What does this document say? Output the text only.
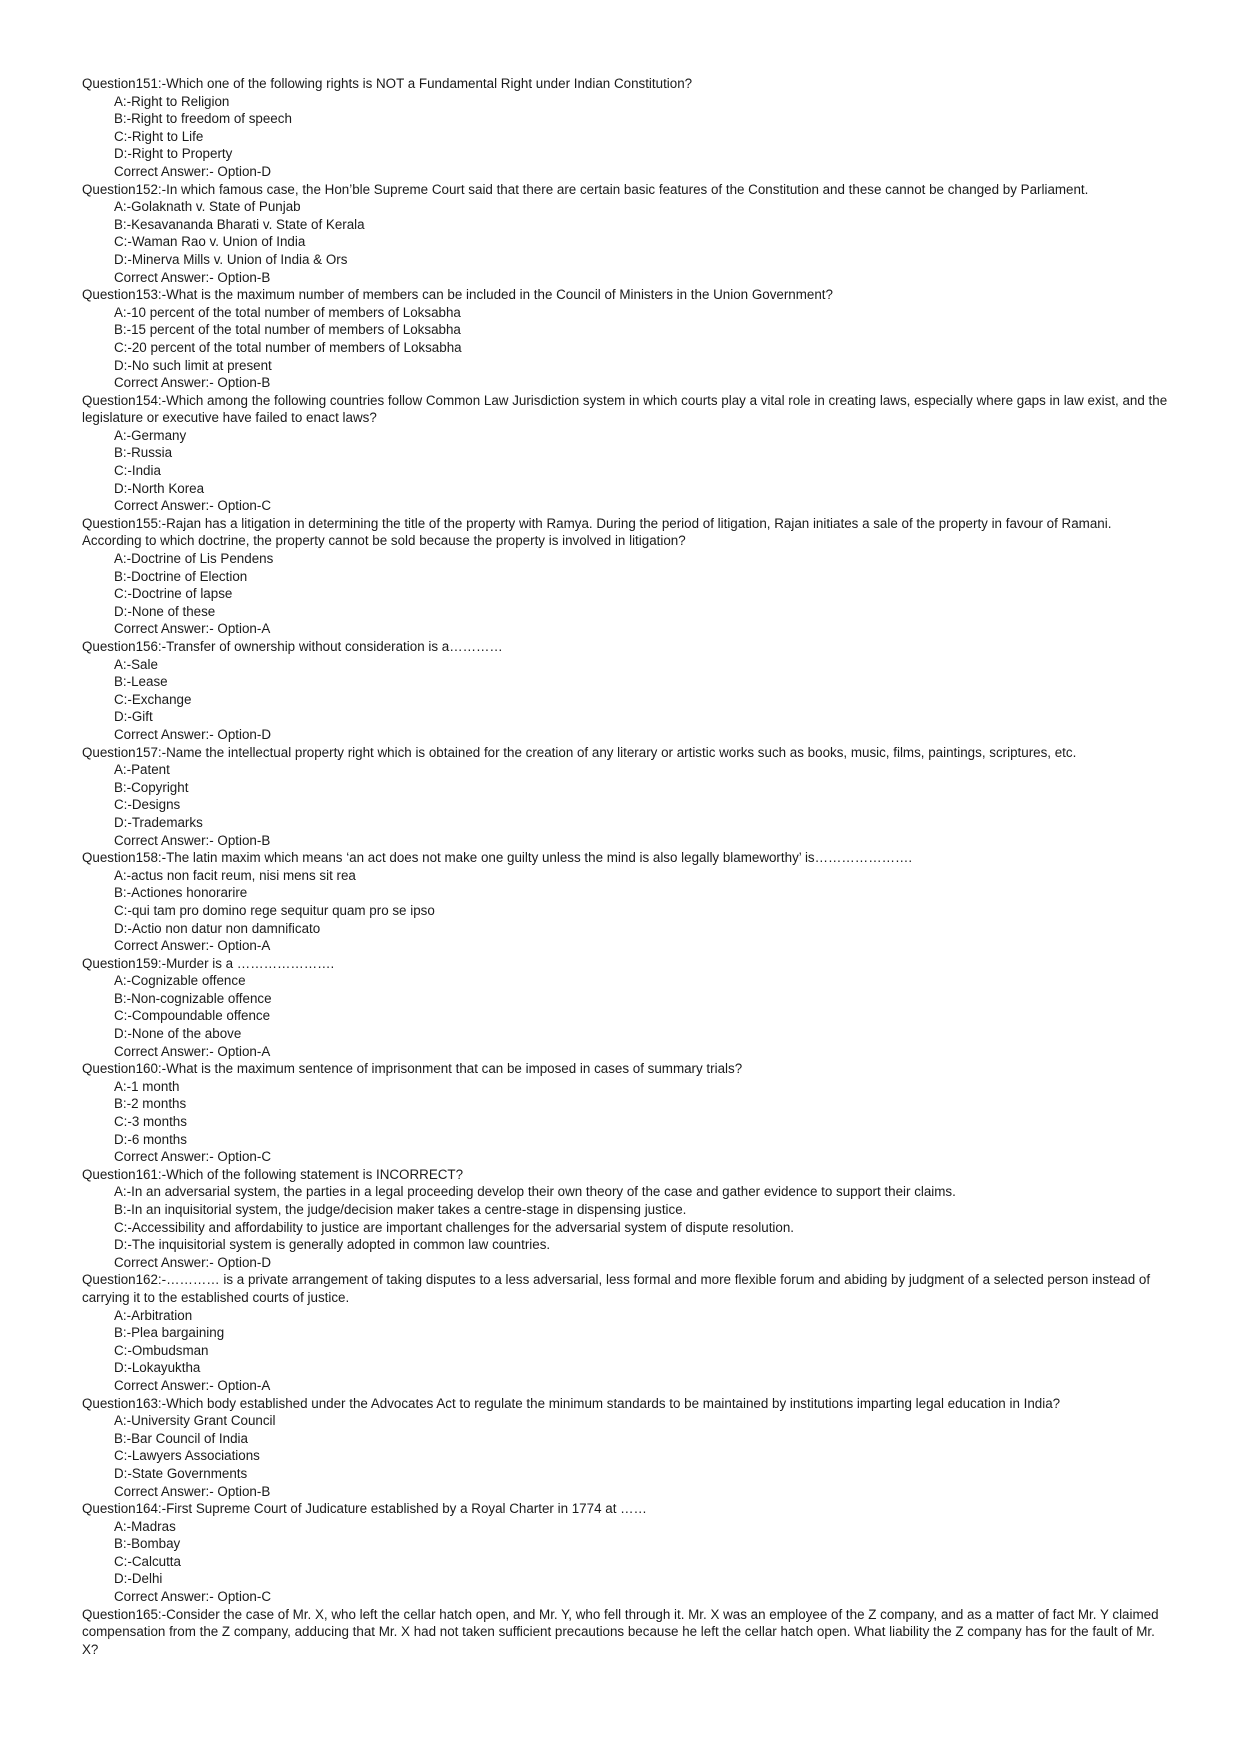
Question151:-Which one of the following rights is NOT a Fundamental Right under Indian Constitution?
A:-Right to Religion
B:-Right to freedom of speech
C:-Right to Life
D:-Right to Property
Correct Answer:- Option-D
Question152:-In which famous case, the Hon’ble Supreme Court said that there are certain basic features of the Constitution and these cannot be changed by Parliament.
A:-Golaknath v. State of Punjab
B:-Kesavananda Bharati v. State of Kerala
C:-Waman Rao v. Union of India
D:-Minerva Mills v. Union of India & Ors
Correct Answer:- Option-B
Question153:-What is the maximum number of members can be included in the Council of Ministers in the Union Government?
A:-10 percent of the total number of members of Loksabha
B:-15 percent of the total number of members of Loksabha
C:-20 percent of the total number of members of Loksabha
D:-No such limit at present
Correct Answer:- Option-B
Question154:-Which among the following countries follow Common Law Jurisdiction system in which courts play a vital role in creating laws, especially where gaps in law exist, and the legislature or executive have failed to enact laws?
A:-Germany
B:-Russia
C:-India
D:-North Korea
Correct Answer:- Option-C
Question155:-Rajan has a litigation in determining the title of the property with Ramya. During the period of litigation, Rajan initiates a sale of the property in favour of Ramani. According to which doctrine, the property cannot be sold because the property is involved in litigation?
A:-Doctrine of Lis Pendens
B:-Doctrine of Election
C:-Doctrine of lapse
D:-None of these
Correct Answer:- Option-A
Question156:-Transfer of ownership without consideration is a…………
A:-Sale
B:-Lease
C:-Exchange
D:-Gift
Correct Answer:- Option-D
Question157:-Name the intellectual property right which is obtained for the creation of any literary or artistic works such as books, music, films, paintings, scriptures, etc.
A:-Patent
B:-Copyright
C:-Designs
D:-Trademarks
Correct Answer:- Option-B
Question158:-The latin maxim which means ‘an act does not make one guilty unless the mind is also legally blameworthy’ is………………….
A:-actus non facit reum, nisi mens sit rea
B:-Actiones honorarire
C:-qui tam pro domino rege sequitur quam pro se ipso
D:-Actio non datur non damnificato
Correct Answer:- Option-A
Question159:-Murder is a ………………….
A:-Cognizable offence
B:-Non-cognizable offence
C:-Compoundable offence
D:-None of the above
Correct Answer:- Option-A
Question160:-What is the maximum sentence of imprisonment that can be imposed in cases of summary trials?
A:-1 month
B:-2 months
C:-3 months
D:-6 months
Correct Answer:- Option-C
Question161:-Which of the following statement is INCORRECT?
A:-In an adversarial system, the parties in a legal proceeding develop their own theory of the case and gather evidence to support their claims.
B:-In an inquisitorial system, the judge/decision maker takes a centre-stage in dispensing justice.
C:-Accessibility and affordability to justice are important challenges for the adversarial system of dispute resolution.
D:-The inquisitorial system is generally adopted in common law countries.
Correct Answer:- Option-D
Question162:-………… is a private arrangement of taking disputes to a less adversarial, less formal and more flexible forum and abiding by judgment of a selected person instead of carrying it to the established courts of justice.
A:-Arbitration
B:-Plea bargaining
C:-Ombudsman
D:-Lokayuktha
Correct Answer:- Option-A
Question163:-Which body established under the Advocates Act to regulate the minimum standards to be maintained by institutions imparting legal education in India?
A:-University Grant Council
B:-Bar Council of India
C:-Lawyers Associations
D:-State Governments
Correct Answer:- Option-B
Question164:-First Supreme Court of Judicature established by a Royal Charter in 1774 at ……
A:-Madras
B:-Bombay
C:-Calcutta
D:-Delhi
Correct Answer:- Option-C
Question165:-Consider the case of Mr. X, who left the cellar hatch open, and Mr. Y, who fell through it. Mr. X was an employee of the Z company, and as a matter of fact Mr. Y claimed compensation from the Z company, adducing that Mr. X had not taken sufficient precautions because he left the cellar hatch open. What liability the Z company has for the fault of Mr. X?
